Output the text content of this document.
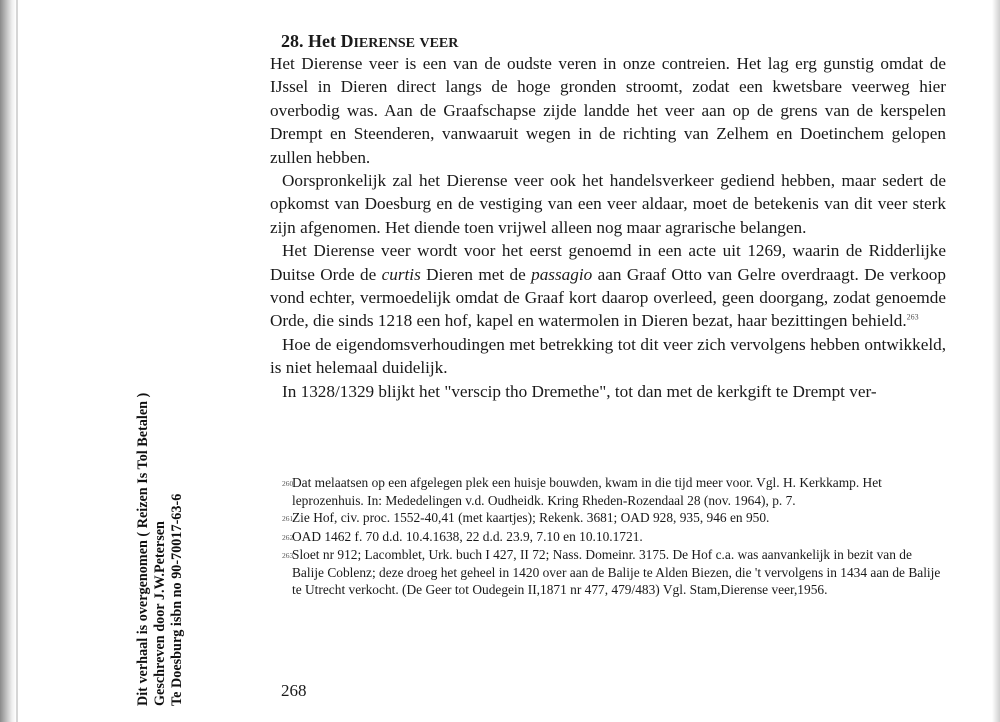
28. Het DIERENSE VEER

Het Dierense veer is een van de oudste veren in onze contreien. Het lag erg gunstig omdat de IJssel in Dieren direct langs de hoge gronden stroomt, zodat een kwetsbare veerweg hier overbodig was. Aan de Graafschapse zijde landde het veer aan op de grens van de kerspelen Drempt en Steenderen, vanwaaruit wegen in de richting van Zelhem en Doetinchem gelopen zullen hebben.

Oorspronkelijk zal het Dierense veer ook het handelsverkeer gediend hebben, maar sedert de opkomst van Doesburg en de vestiging van een veer aldaar, moet de betekenis van dit veer sterk zijn afgenomen. Het diende toen vrijwel alleen nog maar agrarische belangen.

Het Dierense veer wordt voor het eerst genoemd in een acte uit 1269, waarin de Ridderlijke Duitse Orde de curtis Dieren met de passagio aan Graaf Otto van Gelre overdraagt. De verkoop vond echter, vermoedelijk omdat de Graaf kort daarop overleed, geen doorgang, zodat genoemde Orde, die sinds 1218 een hof, kapel en watermolen in Dieren bezat, haar bezittingen behield.$^{263}$

Hoe de eigendomsverhoudingen met betrekking tot dit veer zich vervolgens hebben ontwikkeld, is niet helemaal duidelijk.

In 1328/1329 blijkt het "verscip tho Dremethe", tot dan met de kerkgift te Drempt ver-

260
Dat melaatsen op een afgelegen plek een huisje bouwden, kwam in die tijd meer voor. Vgl. H. Kerkkamp. Het leprozenhuis. In: Mededelingen v.d. Oudheidk. Kring Rheden-Rozendaal 28 (nov. 1964), p. 7.
261
Zie Hof, civ. proc. 1552-40,41 (met kaartjes); Rekenk. 3681; OAD 928, 935, 946 en 950.
262
OAD 1462 f. 70 d.d. 10.4.1638, 22 d.d. 23.9, 7.10 en 10.10.1721.
263
Sloet nr 912; Lacomblet, Urk. buch I 427, II 72; Nass. Domeinr. 3175. De Hof c.a. was aanvankelijk in bezit van de Balije Coblenz; deze droeg het geheel in 1420 over aan de Balije te Alden Biezen, die 't vervolgens in 1434 aan de Balije te Utrecht verkocht. (De Geer tot Oudegein II,1871 nr 477, 479/483) Vgl. Stam,Dierense veer,1956.
268
Dit verhaal is overgenomen ( Reizen Is Tol Betalen ) Geschreven door J.W.Petersen Te Doesburg isbn no 90-70017-63-6
